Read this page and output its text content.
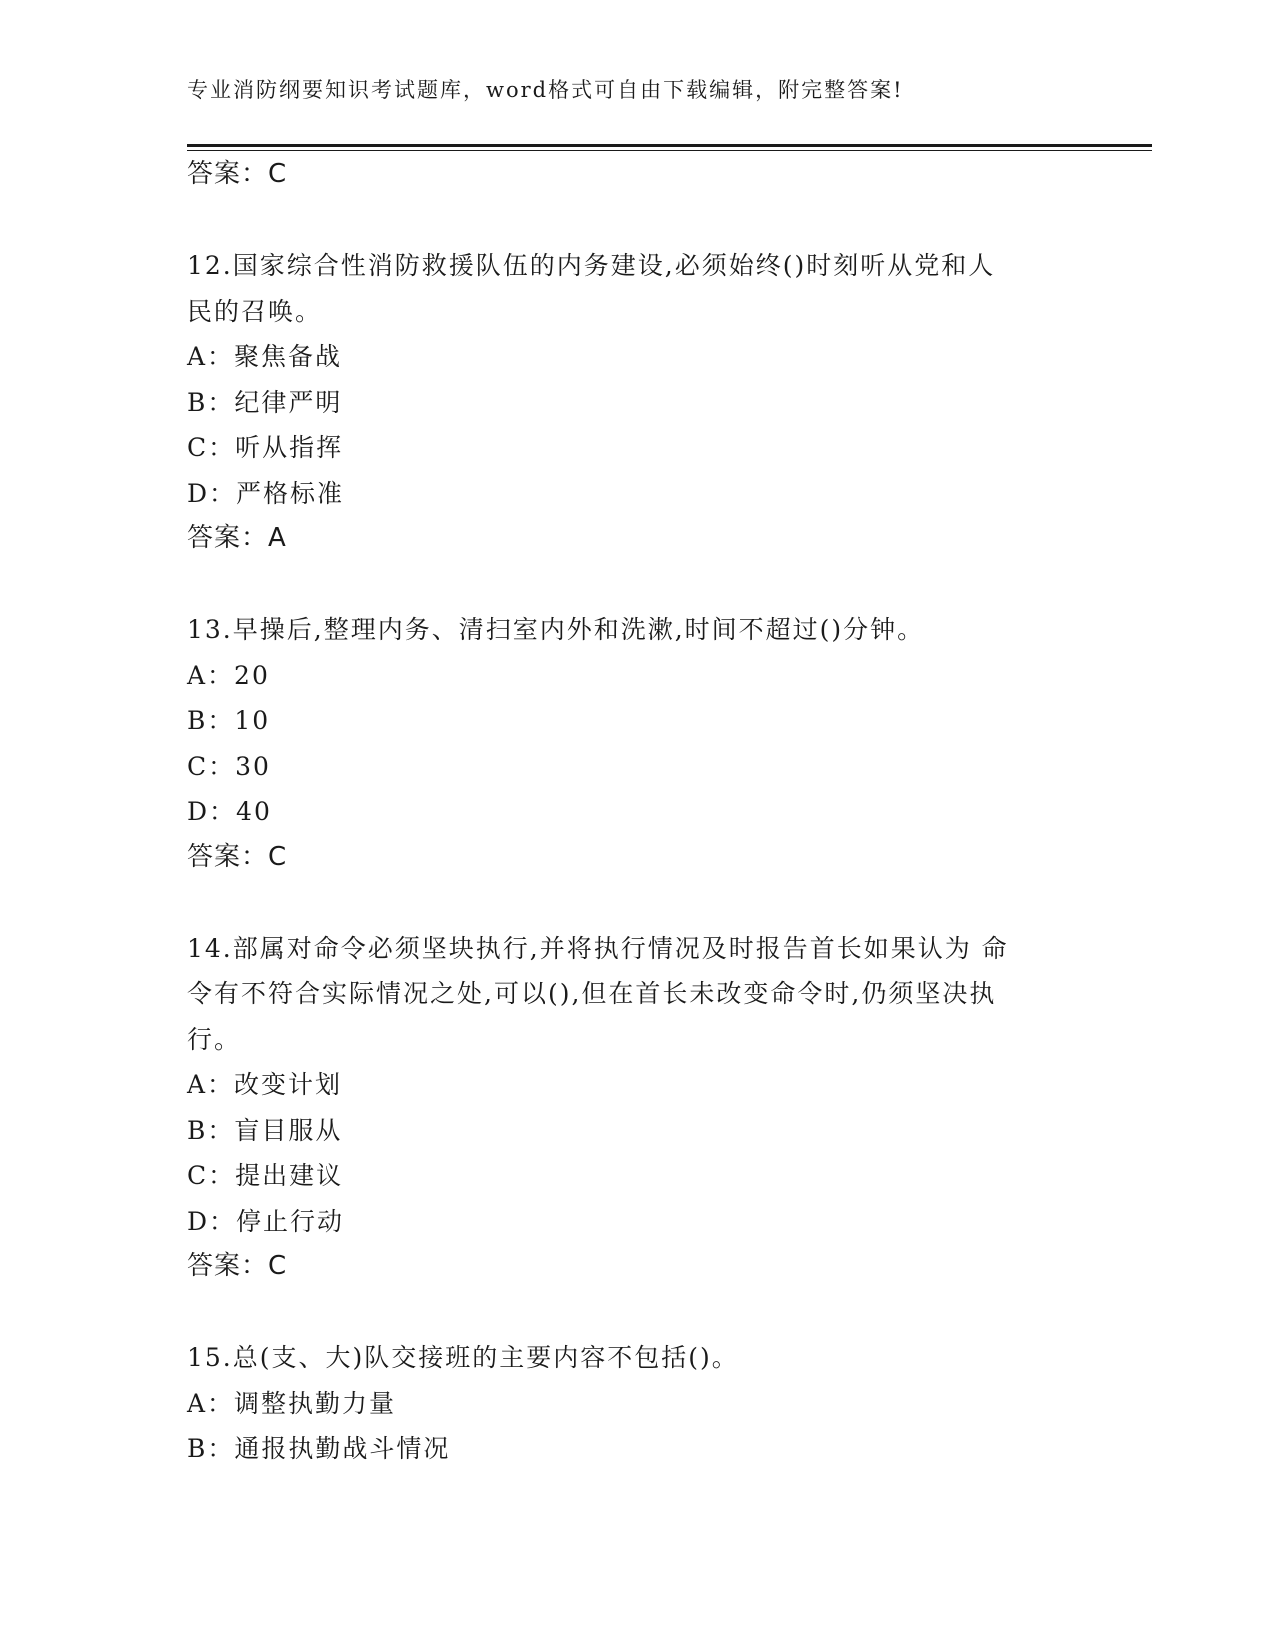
专业消防纲要知识考试题库，word格式可自由下载编辑，附完整答案!
答案：C
12.国家综合性消防救援队伍的内务建设,必须始终()时刻听从党和人
民的召唤。
A：聚焦备战
B：纪律严明
C：听从指挥
D：严格标准
答案：A
13.早操后,整理内务、清扫室内外和洗漱,时间不超过()分钟。
A：20
B：10
C：30
D：40
答案：C
14.部属对命令必须坚块执行,并将执行情况及时报告首长如果认为 命
令有不符合实际情况之处,可以(),但在首长未改变命令时,仍须坚决执
行。
A：改变计划
B：盲目服从
C：提出建议
D：停止行动
答案：C
15.总(支、大)队交接班的主要内容不包括()。
A：调整执勤力量
B：通报执勤战斗情况
